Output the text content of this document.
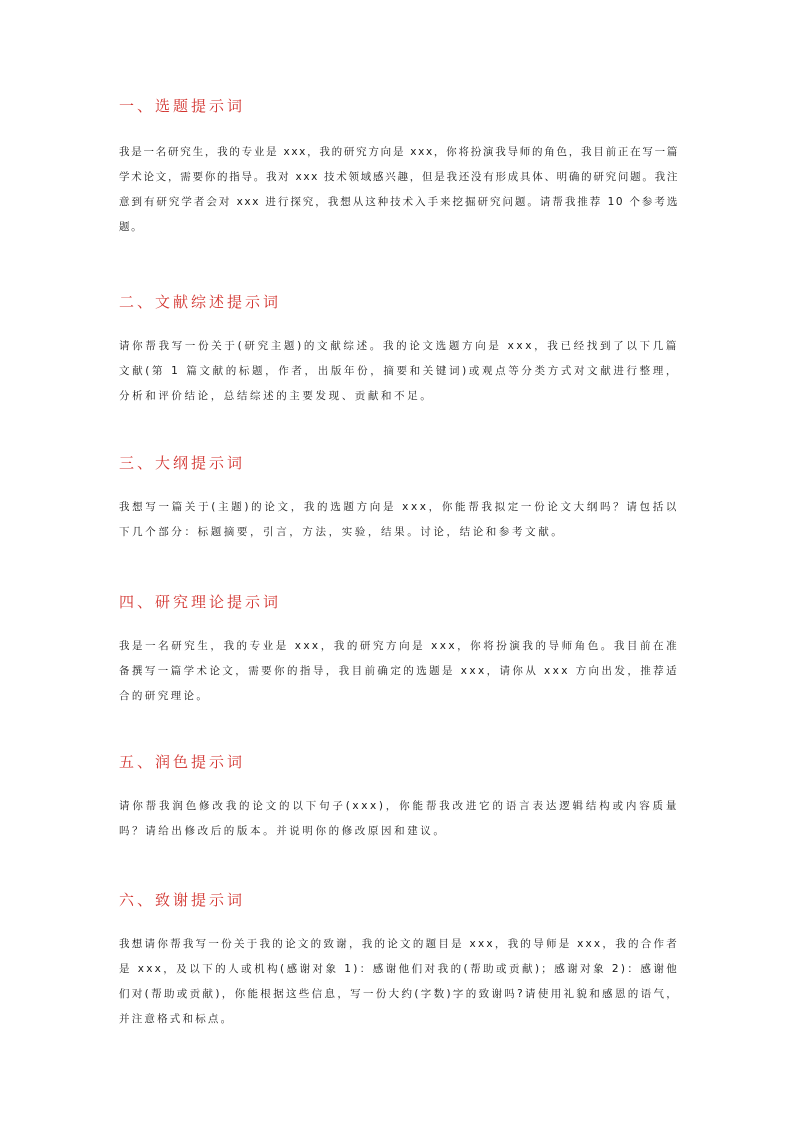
一、选题提示词

我是一名研究生，我的专业是 xxx，我的研究方向是 xxx，你将扮演我导师的角色，我目前正在写一篇学术论文，需要你的指导。我对 xxx 技术领域感兴趣，但是我还没有形成具体、明确的研究问题。我注意到有研究学者会对 xxx 进行探究，我想从这种技术入手来挖掘研究问题。请帮我推荐 10 个参考选题。

二、文献综述提示词

请你帮我写一份关于(研究主题)的文献综述。我的论文选题方向是 xxx，我已经找到了以下几篇文献(第 1 篇文献的标题，作者，出版年份，摘要和关键词)或观点等分类方式对文献进行整理，分析和评价结论，总结综述的主要发现、贡献和不足。

三、大纲提示词

我想写一篇关于(主题)的论文，我的选题方向是 xxx，你能帮我拟定一份论文大纲吗？请包括以下几个部分：标题摘要，引言，方法，实验，结果。讨论，结论和参考文献。

四、研究理论提示词

我是一名研究生，我的专业是 xxx，我的研究方向是 xxx，你将扮演我的导师角色。我目前在准备撰写一篇学术论文，需要你的指导，我目前确定的选题是 xxx，请你从 xxx 方向出发，推荐适合的研究理论。

五、润色提示词

请你帮我润色修改我的论文的以下句子(xxx)，你能帮我改进它的语言表达逻辑结构或内容质量吗？请给出修改后的版本。并说明你的修改原因和建议。

六、致谢提示词

我想请你帮我写一份关于我的论文的致谢，我的论文的题目是 xxx，我的导师是 xxx，我的合作者是 xxx，及以下的人或机构(感谢对象 1)：感谢他们对我的(帮助或贡献)；感谢对象 2)：感谢他们对(帮助或贡献)，你能根据这些信息，写一份大约(字数)字的致谢吗?请使用礼貌和感恩的语气，并注意格式和标点。
